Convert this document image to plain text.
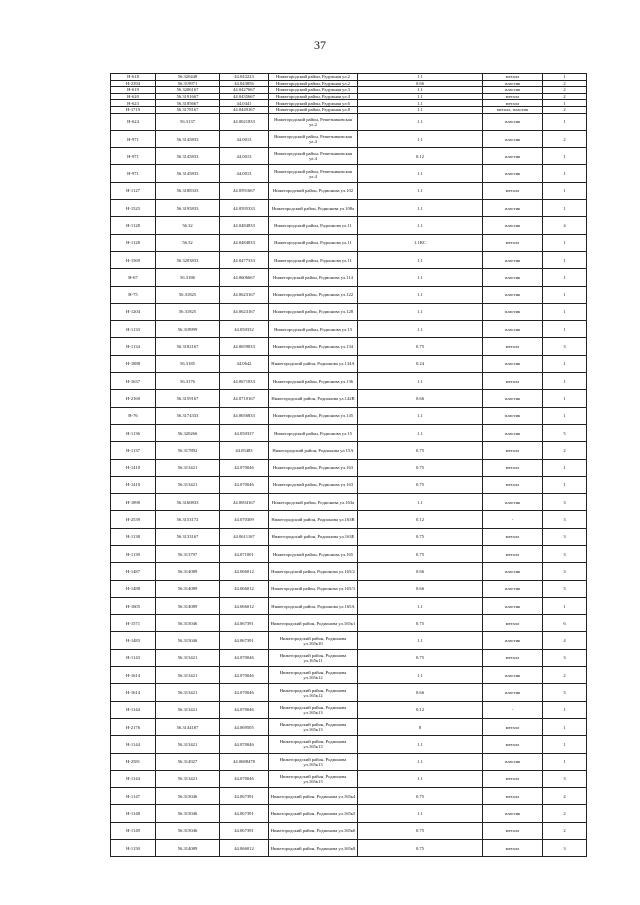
37
Н-618	56.320448	44.043223	Нижегородский район, Радужная ул.2	1.1	металл	1
Н-2394	56.319971	44.043856	Нижегородский район, Радужная ул.2	0.66	пластик	2
Н-619	56.3206167	44.0427667	Нижегородский район, Радужная ул.3	1.1	пластик	2
Н-620	56.3191667	44.0435667	Нижегородский район, Радужная ул.4	1.1	металл	2
Н-623	56.3185667	44.0441	Нижегородский район, Радужная ул.6	1.1	металл	1
Н-1719	56.3178167	44.0449167	Нижегородский район, Радужная ул.8	1.1	металл, пластик	2
Н-624	56.3137	44.0021833	Нижегородский район, Решетниковская ул.2	1.1	пластик	1
Н-971	56.3145833	44.0013	Нижегородский район, Решетниковская ул.4	1.1	пластик	2
Н-971	56.3145833	44.0013	Нижегородский район, Решетниковская ул.4	0.12	пластик	1
Н-971	56.3145833	44.0013	Нижегородский район, Решетниковская ул.4	1.1	пластик	1
Н-1127	56.3188333	44.0591667	Нижегородский район, Родионова ул.102	1.1	металл	1
Н-1525	56.3195833	44.0595333	Нижегородский район, Родионова ул.108а	1.1	пластик	1
Н-1128	56.32	44.0484833	Нижегородский район, Родионова ул.11	1.1	пластик	4
Н-1128	56.32	44.0484833	Нижегородский район, Родионова ул.11	1.1КС	металл	1
Н-1569	56.3203833	44.0477333	Нижегородский район, Родионова ул.11	1.1	пластик	1
Н-67	56.3186	44.0606667	Нижегородский район, Родионова ул.114	1.1	пластик	1
Н-75	56.31825	44.0623167	Нижегородский район, Родионова ул.122	1.1	пластик	1
Н-1204	56.31825	44.0623167	Нижегородский район, Родионова ул.128	1.1	пластик	1
Н-1133	56.318999	44.050332	Нижегородский район, Родионова ул.13	1.1	пластик	1
Н-1134	56.3182167	44.0659833	Нижегородский район, Родионова ул.134	0.75	металл	3
Н-1888	56.3185	44.0642	Нижегородский район, Родионова ул.134А	0.24	пластик	1
Н-1637	56.3176	44.0671833	Нижегородский район, Родионова ул.136	1.1	металл	1
Н-2160	56.3159167	44.0710167	Нижегородский район, Родионова ул.142В	0.66	пластик	1
Н-76	56.3174333	44.0656833	Нижегородский район, Родионова ул.145	1.1	пластик	1
Н-1136	56.320266	44.050337	Нижегородский район, Родионова ул.15	1.1	пластик	5
Н-1137	56.317892	44.05483	Нижегородский район, Родионова ул.15А	0.75	металл	2
Н-1410	56.313421	44.070046	Нижегородский район, Родионова ул.163	0.75	металл	1
Н-1410	56.313421	44.070046	Нижегородский район, Родионова ул.163	0.75	металл	1
Н-1890	56.3160833	44.0694167	Нижегородский район, Родионова ул.163а	1.1	пластик	3
Н-2539	56.3153172	44.070309	Нижегородский район, Родионова ул.163В	0.12	-	3
Н-1138	56.3133167	44.0611167	Нижегородский район, Родионова ул.163Е	0.75	металл	3
Н-1139	56.313797	44.071001	Нижегородский район, Родионова ул.165	0.75	металл	3
Н-1487	56.314089	44.066012	Нижегородский район, Родионова ул.165/2	0.66	пластик	3
Н-1488	56.314089	44.066012	Нижегородский район, Родионова ул.165/3	0.66	пластик	3
Н-1605	56.314089	44.066012	Нижегородский район, Родионова ул.165А	1.1	пластик	1
Н-1571	56.315046	44.067391	Нижегородский район, Родионова ул.165к1	0.75	металл	6
Н-1483	56.315046	44.067391	Нижегородский район, Родионова ул.165к10	1.1	пластик	4
Н-1143	56.313421	44.070046	Нижегородский район, Родионова ул.165к11	0.75	металл	3
Н-1614	56.313421	44.070046	Нижегородский район, Родионова ул.165к12	1.1	пластик	2
Н-1614	56.313421	44.070046	Нижегородский район, Родионова ул.165к12	0.66	пластик	3
Н-1144	56.313421	44.070046	Нижегородский район, Родионова ул.165к13	0.12	-	1
Н-2176	56.3144187	44.069505	Нижегородский район, Родионова ул.165к13	8	металл	1
Н-1144	56.313421	44.070046	Нижегородский район, Родионова ул.165к13	1.1	металл	1
Н-2581	56.314927	44.0688478	Нижегородский район, Родионова ул.165к13	1.1	пластик	1
Н-1144	56.313421	44.070046	Нижегородский район, Родионова ул.165к13	1.1	металл	3
Н-1147	56.315046	44.067391	Нижегородский район, Родионова ул.165к4	0.75	металл	4
Н-1148	56.315046	44.067391	Нижегородский район, Родионова ул.165к5	1.1	пластик	2
Н-1149	56.315046	44.067391	Нижегородский район, Родионова ул.165к6	0.75	металл	2
Н-1150	56.314089	44.066012	Нижегородский район, Родионова ул.165к8	0.75	металл	3
